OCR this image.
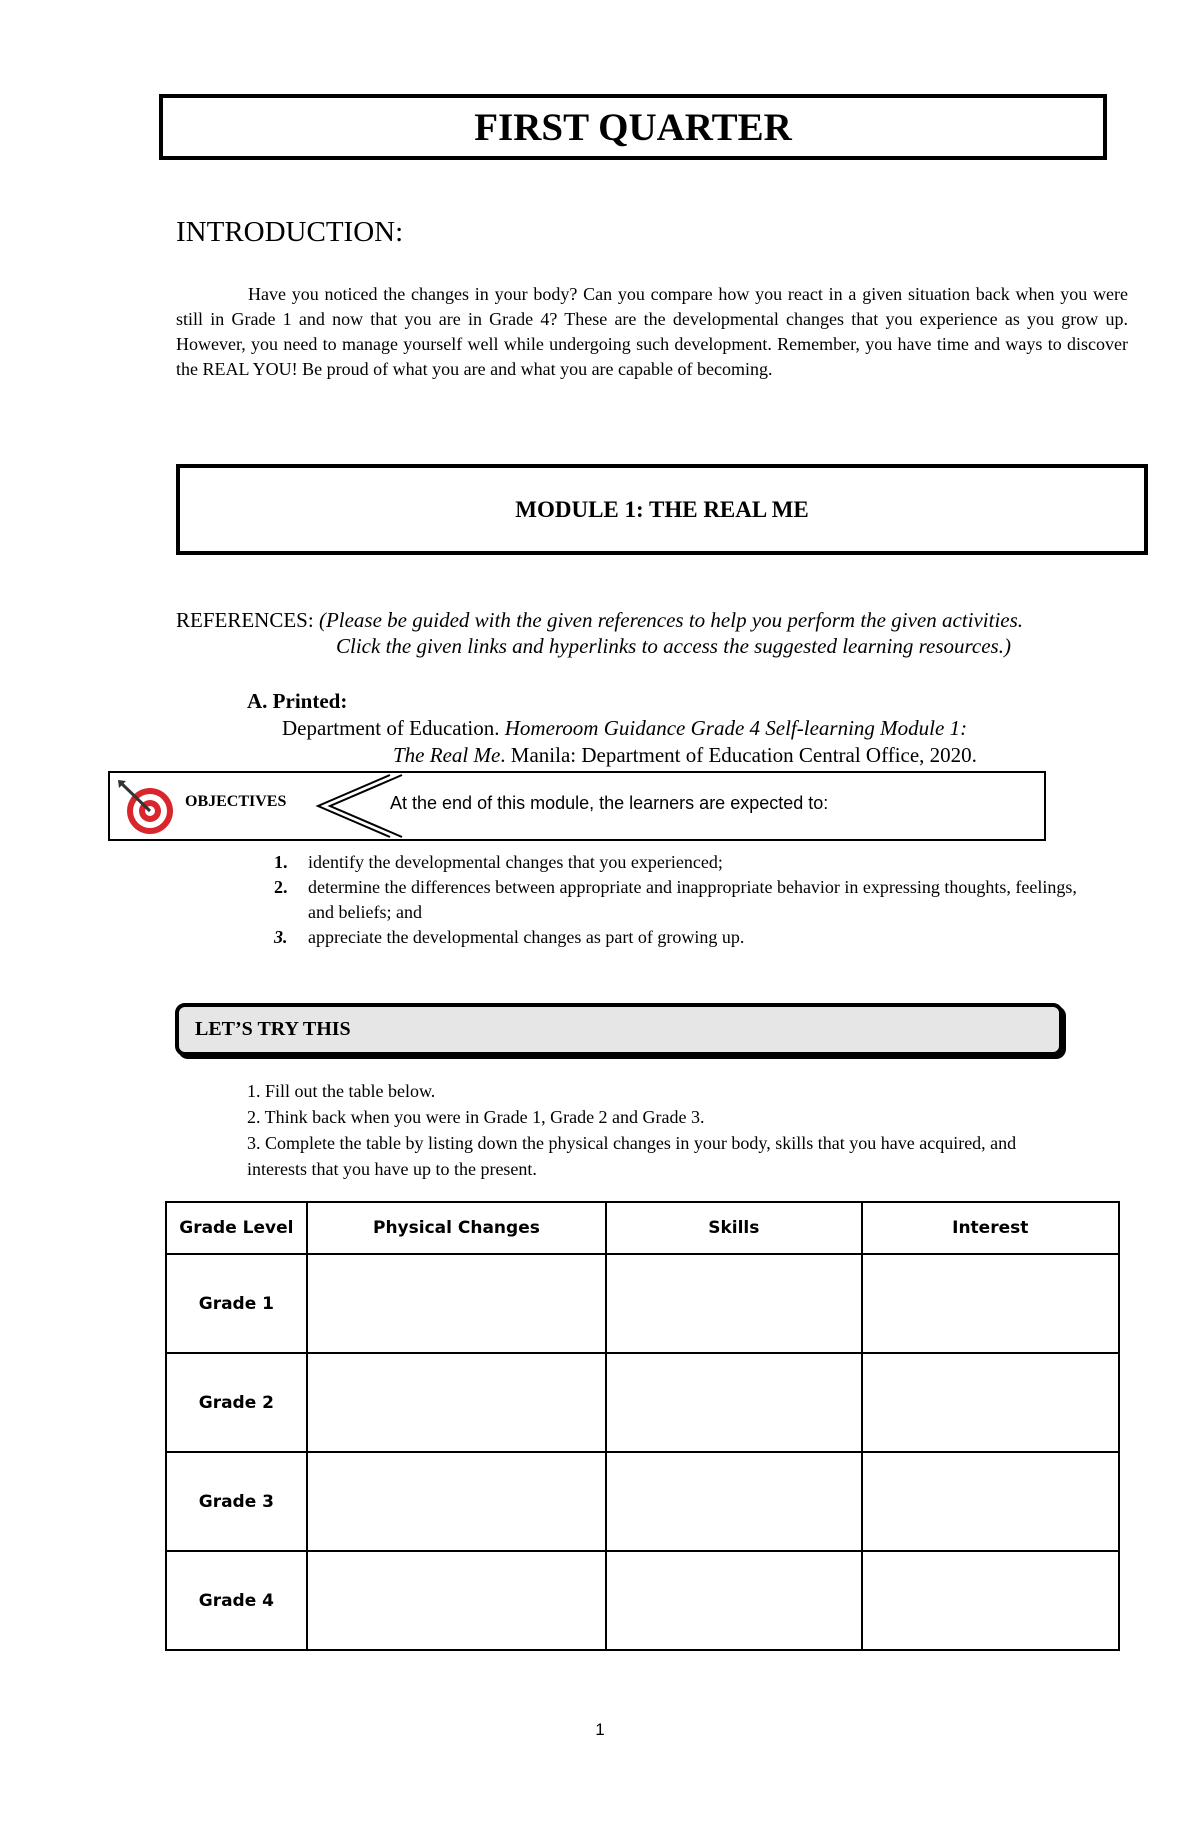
FIRST QUARTER
INTRODUCTION:
Have you noticed the changes in your body? Can you compare how you react in a given situation back when you were still in Grade 1 and now that you are in Grade 4? These are the developmental changes that you experience as you grow up. However, you need to manage yourself well while undergoing such development. Remember, you have time and ways to discover the REAL YOU! Be proud of what you are and what you are capable of becoming.
MODULE 1: THE REAL ME
REFERENCES: (Please be guided with the given references to help you perform the given activities.
Click the given links and hyperlinks to access the suggested learning resources.)
A. Printed:
Department of Education. Homeroom Guidance Grade 4 Self-learning Module 1:
The Real Me. Manila: Department of Education Central Office, 2020.
OBJECTIVES	At the end of this module, the learners are expected to:
1.	identify the developmental changes that you experienced;
2.	determine the differences between appropriate and inappropriate behavior in expressing thoughts, feelings, and beliefs; and
3.	appreciate the developmental changes as part of growing up.
LET’S TRY THIS
1. Fill out the table below.
2. Think back when you were in Grade 1, Grade 2 and Grade 3.
3. Complete the table by listing down the physical changes in your body, skills that you have acquired, and interests that you have up to the present.
Grade Level	Physical Changes	Skills	Interest
Grade 1			
Grade 2			
Grade 3			
Grade 4			
1
